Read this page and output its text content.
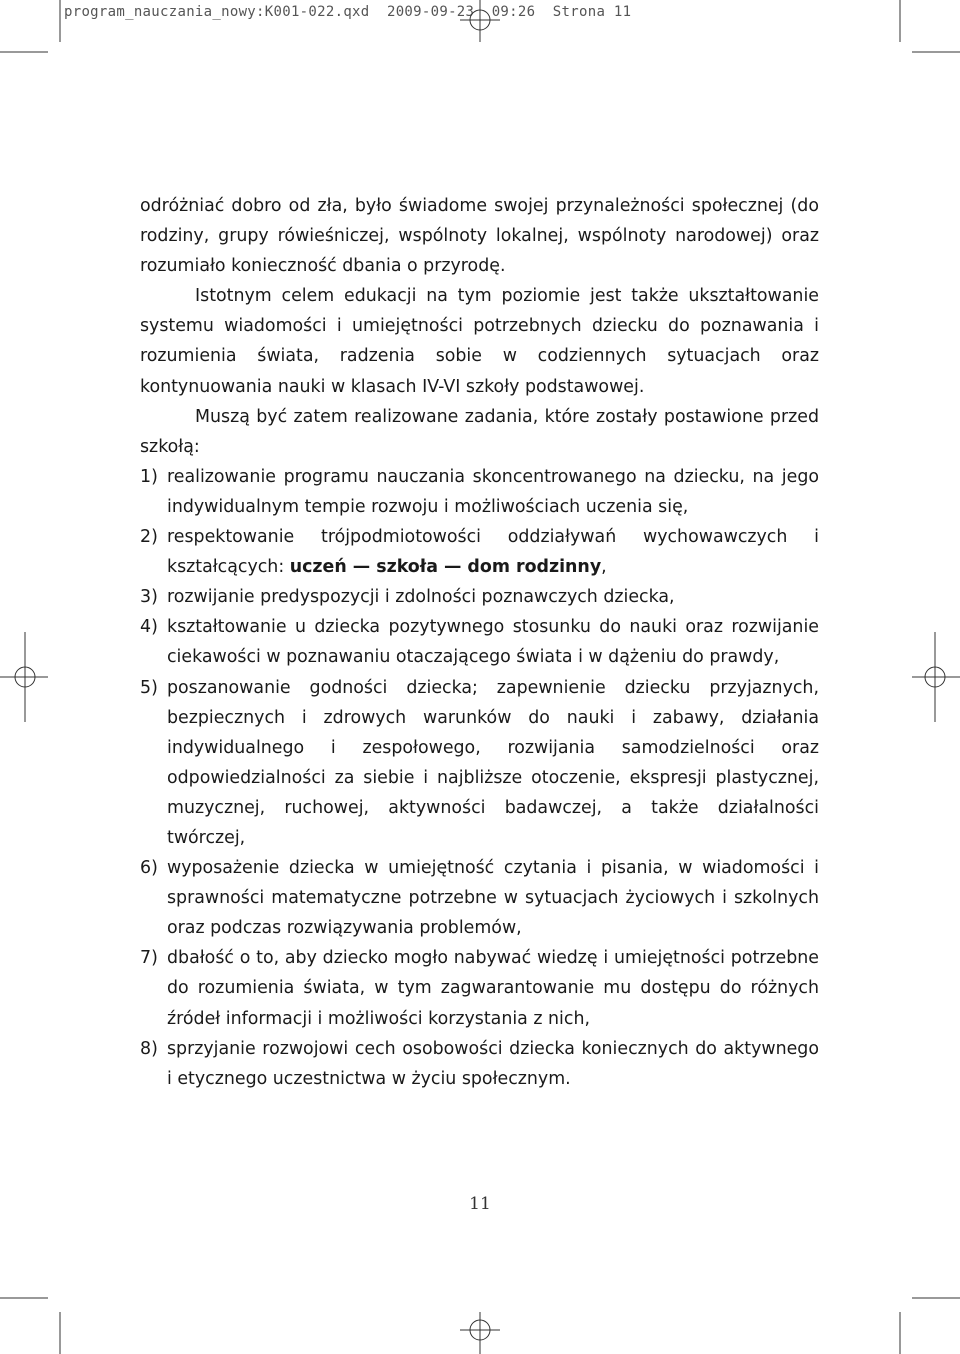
program_nauczania_nowy:K001-022.qxd  2009-09-23  09:26  Strona 11

odróżniać dobro od zła, było świadome swojej przynależności społecznej (do rodziny, grupy rówieśniczej, wspólnoty lokalnej, wspólnoty narodowej) oraz rozumiało konieczność dbania o przyrodę.

Istotnym celem edukacji na tym poziomie jest także ukształtowanie systemu wiadomości i umiejętności potrzebnych dziecku do poznawania i rozumienia świata, radzenia sobie w codziennych sytuacjach oraz kontynuowania nauki w klasach IV-VI szkoły podstawowej.

Muszą być zatem realizowane zadania, które zostały postawione przed szkołą:

1) realizowanie programu nauczania skoncentrowanego na dziecku, na jego indywidualnym tempie rozwoju i możliwościach uczenia się,
2) respektowanie trójpodmiotowości oddziaływań wychowawczych i kształcących: uczeń — szkoła — dom rodzinny,
3) rozwijanie predyspozycji i zdolności poznawczych dziecka,
4) kształtowanie u dziecka pozytywnego stosunku do nauki oraz rozwijanie ciekawości w poznawaniu otaczającego świata i w dążeniu do prawdy,
5) poszanowanie godności dziecka; zapewnienie dziecku przyjaznych, bezpiecznych i zdrowych warunków do nauki i zabawy, działania indywidualnego i zespołowego, rozwijania samodzielności oraz odpowiedzialności za siebie i najbliższe otoczenie, ekspresji plastycznej, muzycznej, ruchowej, aktywności badawczej, a także działalności twórczej,
6) wyposażenie dziecka w umiejętność czytania i pisania, w wiadomości i sprawności matematyczne potrzebne w sytuacjach życiowych i szkolnych oraz podczas rozwiązywania problemów,
7) dbałość o to, aby dziecko mogło nabywać wiedzę i umiejętności potrzebne do rozumienia świata, w tym zagwarantowanie mu dostępu do różnych źródeł informacji i możliwości korzystania z nich,
8) sprzyjanie rozwojowi cech osobowości dziecka koniecznych do aktywnego i etycznego uczestnictwa w życiu społecznym.
11
